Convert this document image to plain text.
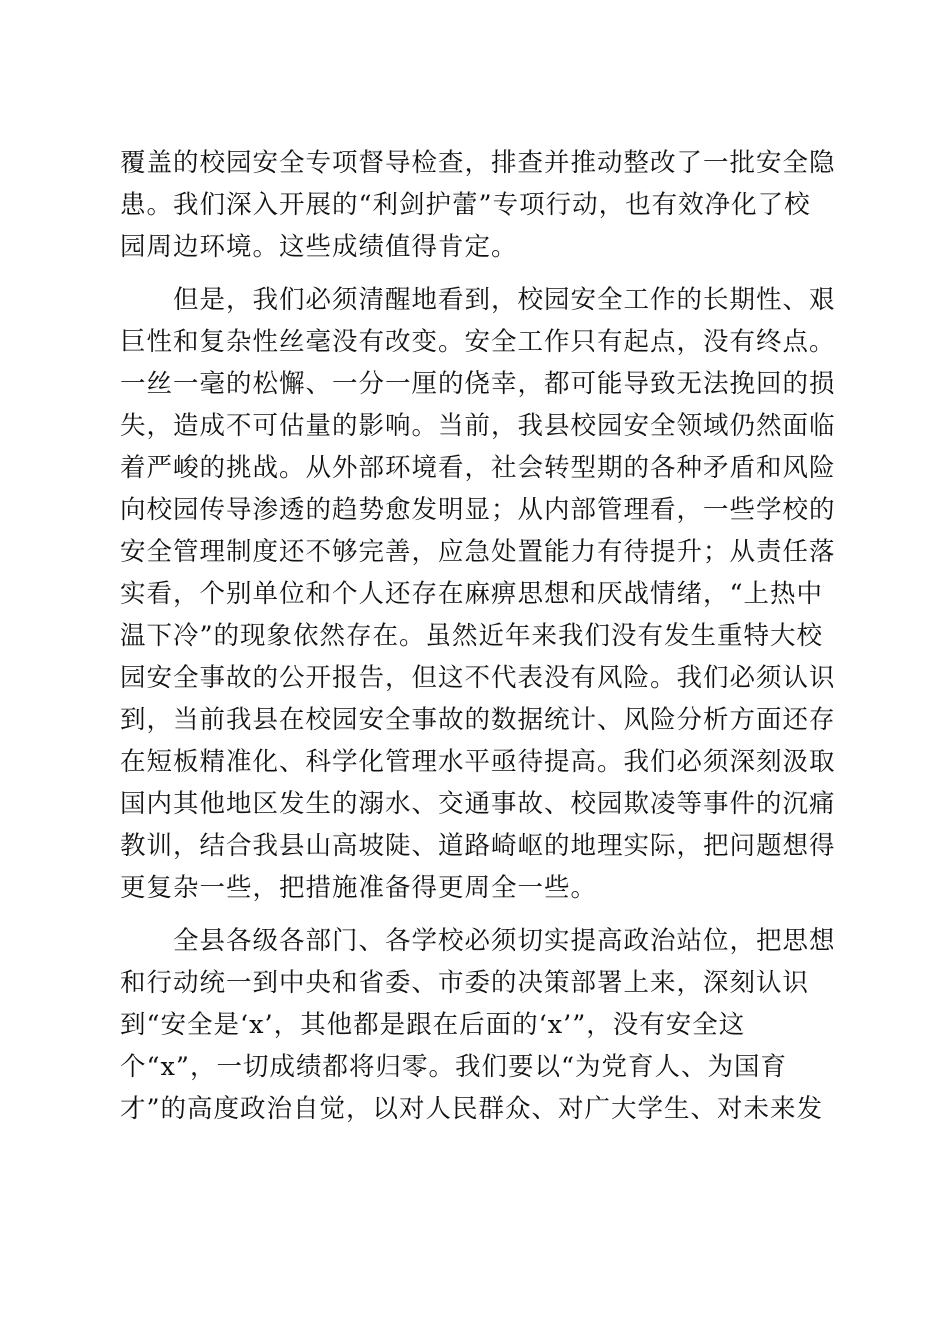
覆盖的校园安全专项督导检查，排查并推动整改了一批安全隐
患。我们深入开展的“利剑护蕾”专项行动，也有效净化了校
园周边环境。这些成绩值得肯定。
　　但是，我们必须清醒地看到，校园安全工作的长期性、艰
巨性和复杂性丝毫没有改变。安全工作只有起点，没有终点。
一丝一毫的松懈、一分一厘的侥幸，都可能导致无法挽回的损
失，造成不可估量的影响。当前，我县校园安全领域仍然面临
着严峻的挑战。从外部环境看，社会转型期的各种矛盾和风险
向校园传导渗透的趋势愈发明显；从内部管理看，一些学校的
安全管理制度还不够完善，应急处置能力有待提升；从责任落
实看，个别单位和个人还存在麻痹思想和厌战情绪，“上热中
温下冷”的现象依然存在。虽然近年来我们没有发生重特大校
园安全事故的公开报告，但这不代表没有风险。我们必须认识
到，当前我县在校园安全事故的数据统计、风险分析方面还存
在短板精准化、科学化管理水平亟待提高。我们必须深刻汲取
国内其他地区发生的溺水、交通事故、校园欺凌等事件的沉痛
教训，结合我县山高坡陡、道路崎岖的地理实际，把问题想得
更复杂一些，把措施准备得更周全一些。
　　全县各级各部门、各学校必须切实提高政治站位，把思想
和行动统一到中央和省委、市委的决策部署上来，深刻认识
到“安全是‘x’，其他都是跟在后面的‘x’”，没有安全这
个“x”，一切成绩都将归零。我们要以“为党育人、为国育
才”的高度政治自觉，以对人民群众、对广大学生、对未来发
